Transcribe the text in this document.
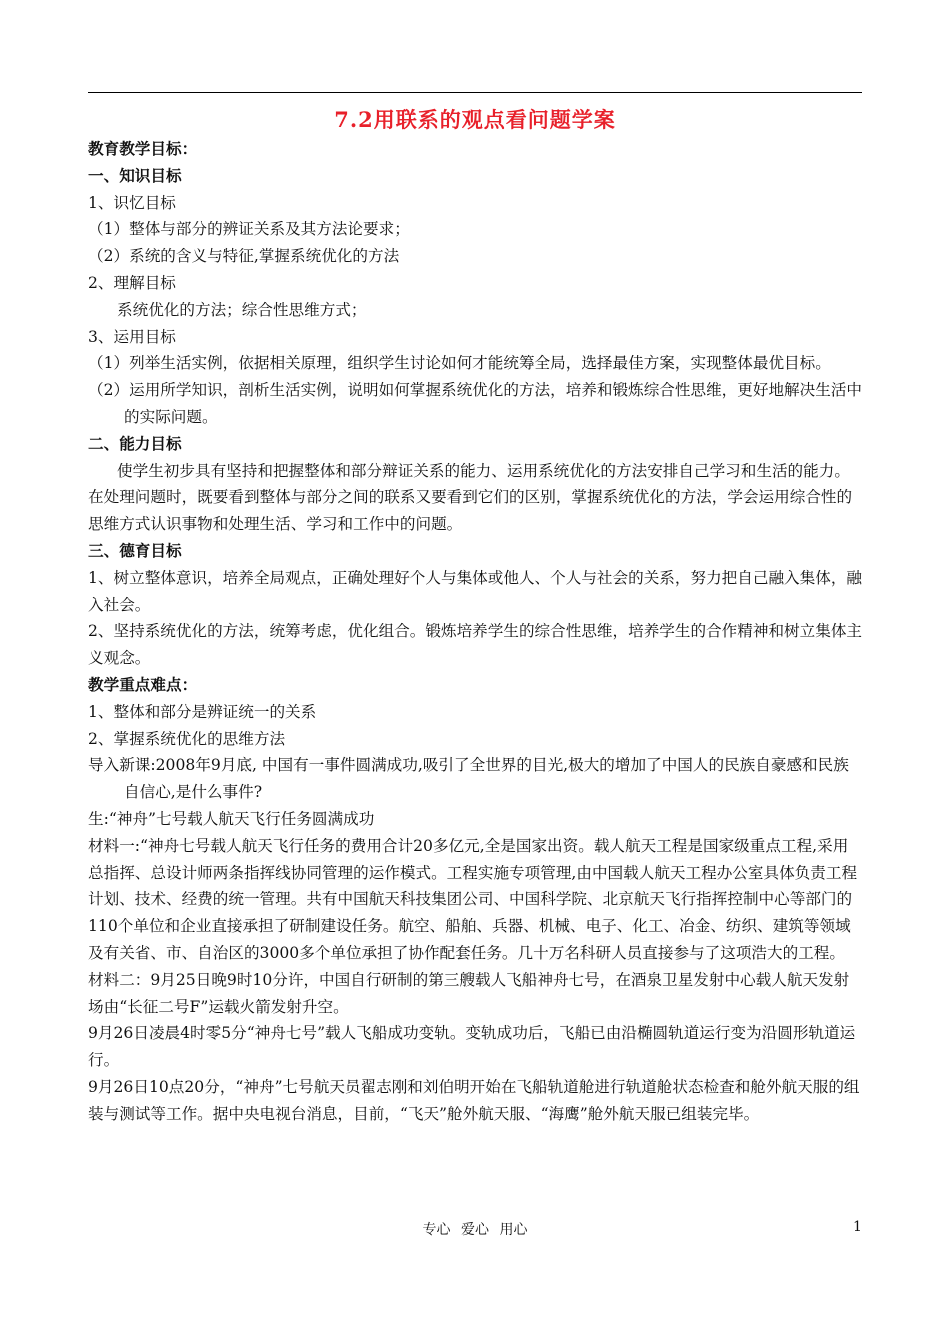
7.2用联系的观点看问题学案

教育教学目标：

一、知识目标

1、识忆目标

（1）整体与部分的辨证关系及其方法论要求；

（2）系统的含义与特征,掌握系统优化的方法

2、理解目标

系统优化的方法；综合性思维方式；

3、运用目标

（1）列举生活实例，依据相关原理，组织学生讨论如何才能统筹全局，选择最佳方案，实现整体最优目标。

（2）运用所学知识，剖析生活实例，说明如何掌握系统优化的方法，培养和锻炼综合性思维，更好地解决生活中的实际问题。

二、能力目标

使学生初步具有坚持和把握整体和部分辩证关系的能力、运用系统优化的方法安排自己学习和生活的能力。在处理问题时，既要看到整体与部分之间的联系又要看到它们的区别，掌握系统优化的方法，学会运用综合性的思维方式认识事物和处理生活、学习和工作中的问题。

三、德育目标

1、树立整体意识，培养全局观点，正确处理好个人与集体或他人、个人与社会的关系，努力把自己融入集体，融入社会。

2、坚持系统优化的方法，统筹考虑，优化组合。锻炼培养学生的综合性思维，培养学生的合作精神和树立集体主义观念。

教学重点难点：

1、整体和部分是辨证统一的关系

2、掌握系统优化的思维方法

导入新课:2008年9月底, 中国有一事件圆满成功,吸引了全世界的目光,极大的增加了中国人的民族自豪感和民族自信心,是什么事件?

生:“神舟”七号载人航天飞行任务圆满成功

材料一:“神舟七号载人航天飞行任务的费用合计20多亿元,全是国家出资。载人航天工程是国家级重点工程,采用总指挥、总设计师两条指挥线协同管理的运作模式。工程实施专项管理,由中国载人航天工程办公室具体负责工程计划、技术、经费的统一管理。共有中国航天科技集团公司、中国科学院、北京航天飞行指挥控制中心等部门的110个单位和企业直接承担了研制建设任务。航空、船舶、兵器、机械、电子、化工、冶金、纺织、建筑等领域及有关省、市、自治区的3000多个单位承担了协作配套任务。几十万名科研人员直接参与了这项浩大的工程。

材料二：9月25日晚9时10分许，中国自行研制的第三艘载人飞船神舟七号，在酒泉卫星发射中心载人航天发射场由“长征二号F”运载火箭发射升空。

9月26日凌晨4时零5分“神舟七号”载人飞船成功变轨。变轨成功后，飞船已由沿椭圆轨道运行变为沿圆形轨道运行。

9月26日10点20分，“神舟”七号航天员翟志刚和刘伯明开始在飞船轨道舱进行轨道舱状态检查和舱外航天服的组装与测试等工作。据中央电视台消息，目前，“飞天”舱外航天服、“海鹰”舱外航天服已组装完毕。

专心 爱心 用心	1
